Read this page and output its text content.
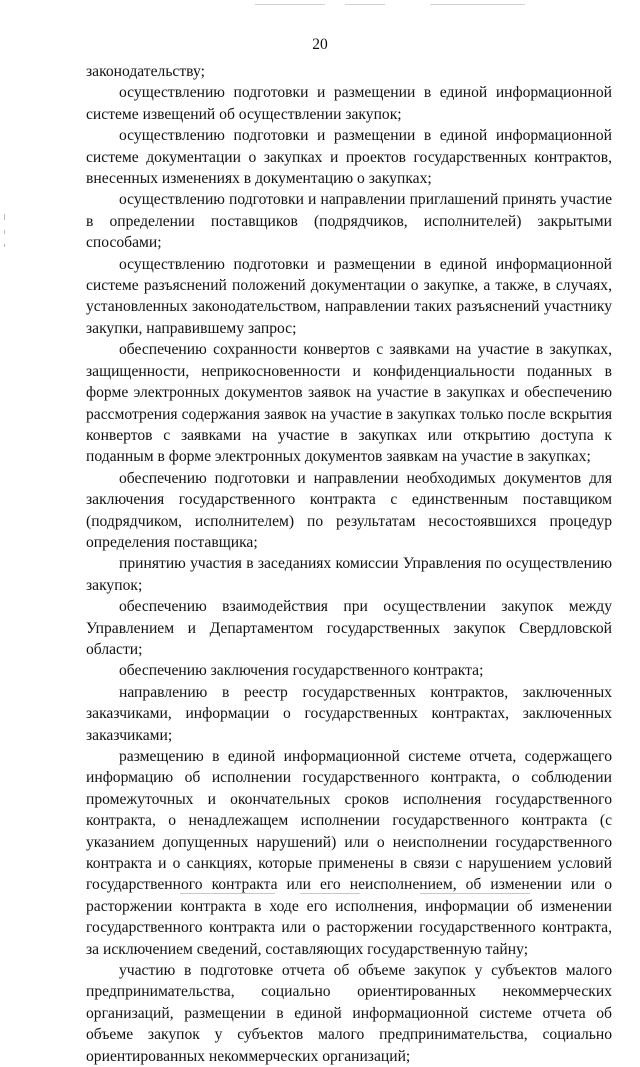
20

законодательству;

осуществлению подготовки и размещении в единой информационной системе извещений об осуществлении закупок;

осуществлению подготовки и размещении в единой информационной системе документации о закупках и проектов государственных контрактов, внесенных изменениях в документацию о закупках;

осуществлению подготовки и направлении приглашений принять участие в определении поставщиков (подрядчиков, исполнителей) закрытыми способами;

осуществлению подготовки и размещении в единой информационной системе разъяснений положений документации о закупке, а также, в случаях, установленных законодательством, направлении таких разъяснений участнику закупки, направившему запрос;

обеспечению сохранности конвертов с заявками на участие в закупках, защищенности, неприкосновенности и конфиденциальности поданных в форме электронных документов заявок на участие в закупках и обеспечению рассмотрения содержания заявок на участие в закупках только после вскрытия конвертов с заявками на участие в закупках или открытию доступа к поданным в форме электронных документов заявкам на участие в закупках;

обеспечению подготовки и направлении необходимых документов для заключения государственного контракта с единственным поставщиком (подрядчиком, исполнителем) по результатам несостоявшихся процедур определения поставщика;

принятию участия в заседаниях комиссии Управления по осуществлению закупок;

обеспечению взаимодействия при осуществлении закупок между Управлением и Департаментом государственных закупок Свердловской области;

обеспечению заключения государственного контракта;

направлению в реестр государственных контрактов, заключенных заказчиками, информации о государственных контрактах, заключенных заказчиками;

размещению в единой информационной системе отчета, содержащего информацию об исполнении государственного контракта, о соблюдении промежуточных и окончательных сроков исполнения государственного контракта, о ненадлежащем исполнении государственного контракта (с указанием допущенных нарушений) или о неисполнении государственного контракта и о санкциях, которые применены в связи с нарушением условий государственного контракта или его неисполнением, об изменении или о расторжении контракта в ходе его исполнения, информации об изменении государственного контракта или о расторжении государственного контракта, за исключением сведений, составляющих государственную тайну;

участию в подготовке отчета об объеме закупок у субъектов малого предпринимательства, социально ориентированных некоммерческих организаций, размещении в единой информационной системе отчета об объеме закупок у субъектов малого предпринимательства, социально ориентированных некоммерческих организаций;
